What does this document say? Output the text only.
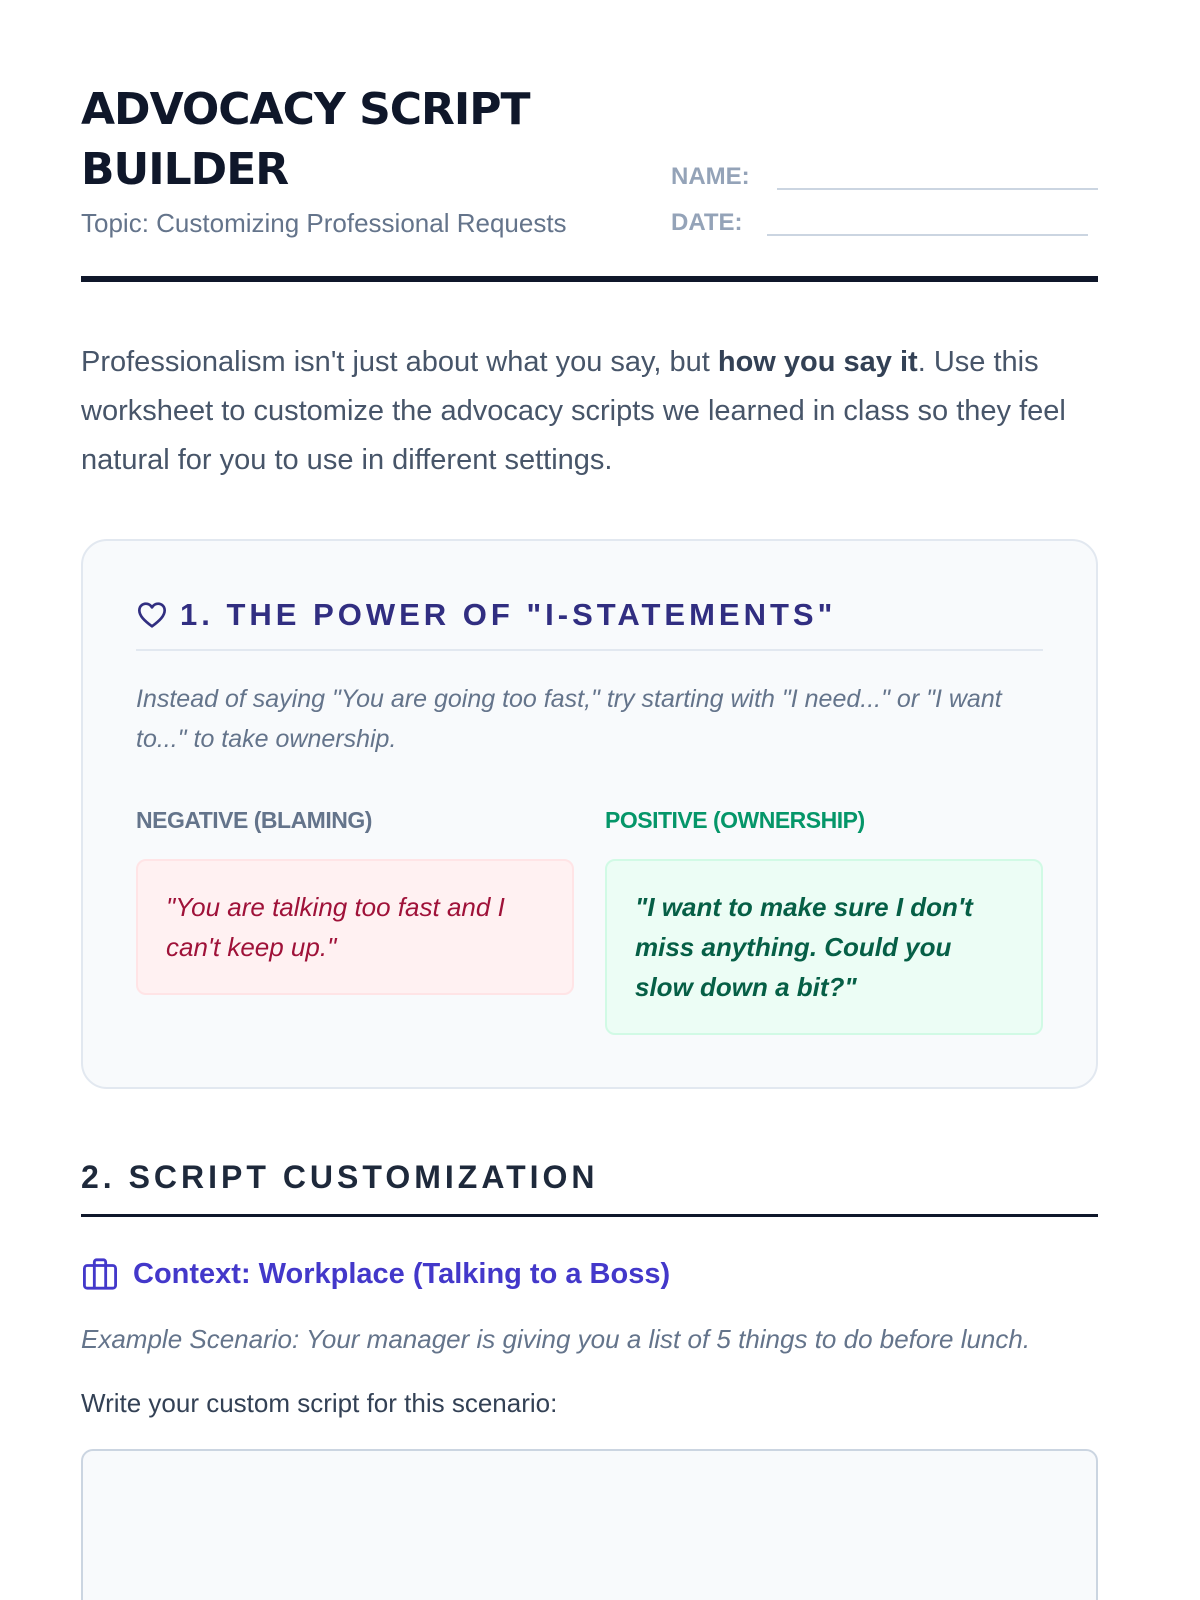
ADVOCACY SCRIPT
BUILDER
Topic: Customizing Professional Requests
NAME:
DATE:

Professionalism isn't just about what you say, but how you say it. Use this worksheet to customize the advocacy scripts we learned in class so they feel natural for you to use in different settings.

1. THE POWER OF "I-STATEMENTS"
Instead of saying "You are going too fast," try starting with "I need..." or "I want to..." to take ownership.
NEGATIVE (BLAMING)
"You are talking too fast and I can't keep up."
POSITIVE (OWNERSHIP)
"I want to make sure I don't miss anything. Could you slow down a bit?"
2. SCRIPT CUSTOMIZATION
Context: Workplace (Talking to a Boss)
Example Scenario: Your manager is giving you a list of 5 things to do before lunch.
Write your custom script for this scenario:
